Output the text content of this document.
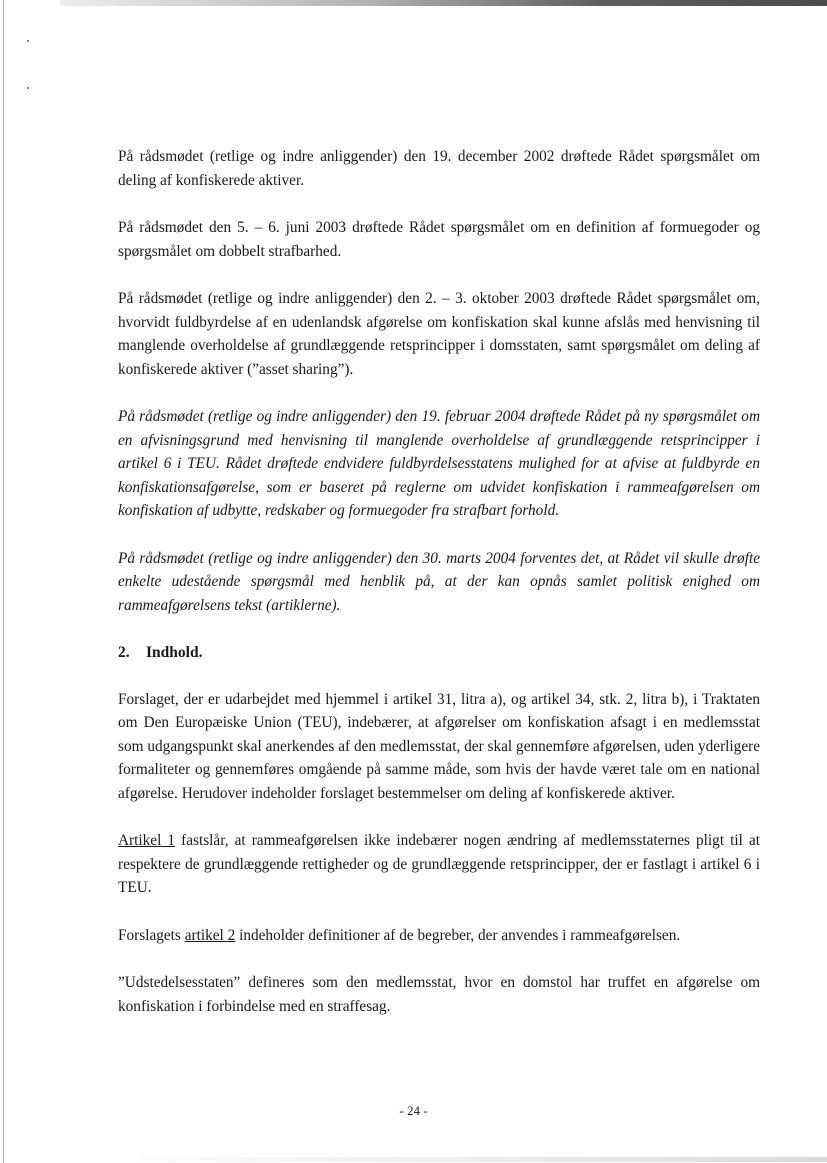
På rådsmødet (retlige og indre anliggender) den 19. december 2002 drøftede Rådet spørgsmålet om deling af konfiskerede aktiver.

På rådsmødet den 5. – 6. juni 2003 drøftede Rådet spørgsmålet om en definition af formuegoder og spørgsmålet om dobbelt strafbarhed.

På rådsmødet (retlige og indre anliggender) den 2. – 3. oktober 2003 drøftede Rådet spørgsmålet om, hvorvidt fuldbyrdelse af en udenlandsk afgørelse om konfiskation skal kunne afslås med henvisning til manglende overholdelse af grundlæggende retsprincipper i domsstaten, samt spørgsmålet om deling af konfiskerede aktiver (”asset sharing”).

På rådsmødet (retlige og indre anliggender) den 19. februar 2004 drøftede Rådet på ny spørgsmålet om en afvisningsgrund med henvisning til manglende overholdelse af grundlæggende retsprincipper i artikel 6 i TEU. Rådet drøftede endvidere fuldbyrdelsesstatens mulighed for at afvise at fuldbyrde en konfiskationsafgørelse, som er baseret på reglerne om udvidet konfiskation i rammeafgørelsen om konfiskation af udbytte, redskaber og formuegoder fra strafbart forhold.

På rådsmødet (retlige og indre anliggender) den 30. marts 2004 forventes det, at Rådet vil skulle drøfte enkelte udestående spørgsmål med henblik på, at der kan opnås samlet politisk enighed om rammeafgørelsens tekst (artiklerne).

2. Indhold.

Forslaget, der er udarbejdet med hjemmel i artikel 31, litra a), og artikel 34, stk. 2, litra b), i Traktaten om Den Europæiske Union (TEU), indebærer, at afgørelser om konfiskation afsagt i en medlemsstat som udgangspunkt skal anerkendes af den medlemsstat, der skal gennemføre afgørelsen, uden yderligere formaliteter og gennemføres omgående på samme måde, som hvis der havde været tale om en national afgørelse. Herudover indeholder forslaget bestemmelser om deling af konfiskerede aktiver.

Artikel 1 fastslår, at rammeafgørelsen ikke indebærer nogen ændring af medlemsstaternes pligt til at respektere de grundlæggende rettigheder og de grundlæggende retsprincipper, der er fastlagt i artikel 6 i TEU.

Forslagets artikel 2 indeholder definitioner af de begreber, der anvendes i rammeafgørelsen.

”Udstedelsesstaten” defineres som den medlemsstat, hvor en domstol har truffet en afgørelse om konfiskation i forbindelse med en straffesag.

- 24 -
